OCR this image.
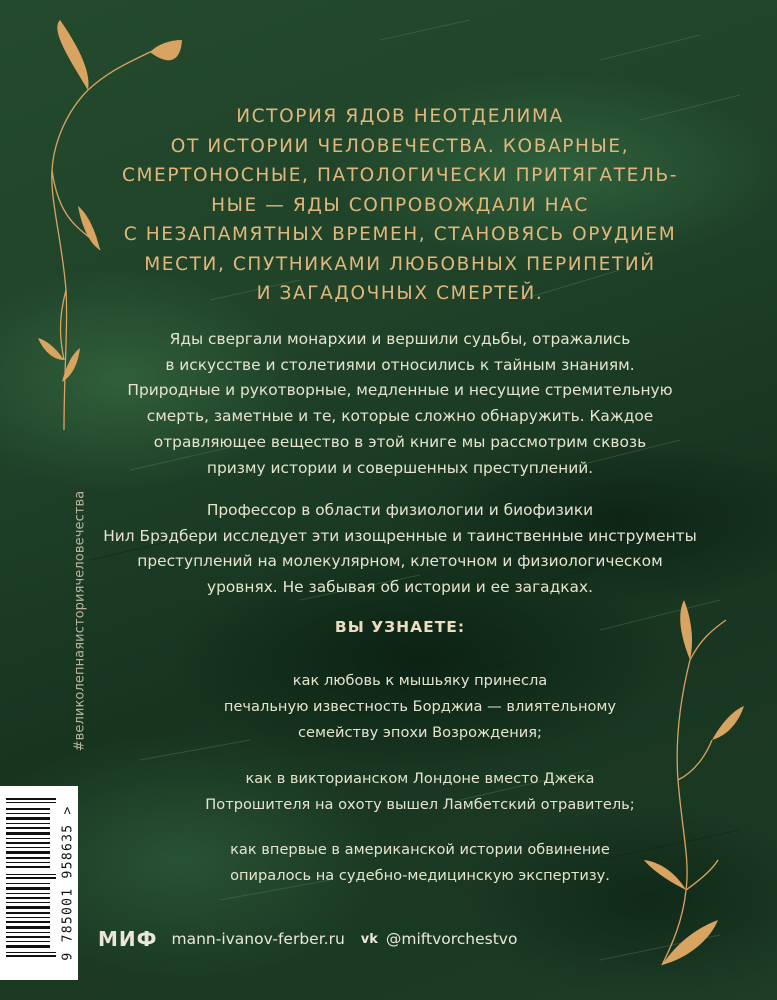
ИСТОРИЯ ЯДОВ НЕОТДЕЛИМА
ОТ ИСТОРИИ ЧЕЛОВЕЧЕСТВА. КОВАРНЫЕ,
СМЕРТОНОСНЫЕ, ПАТОЛОГИЧЕСКИ ПРИТЯГАТЕЛЬ-
НЫЕ — ЯДЫ СОПРОВОЖДАЛИ НАС
С НЕЗАПАМЯТНЫХ ВРЕМЕН, СТАНОВЯСЬ ОРУДИЕМ
МЕСТИ, СПУТНИКАМИ ЛЮБОВНЫХ ПЕРИПЕТИЙ
И ЗАГАДОЧНЫХ СМЕРТЕЙ.
Яды свергали монархии и вершили судьбы, отражались
в искусстве и столетиями относились к тайным знаниям.
Природные и рукотворные, медленные и несущие стремительную
смерть, заметные и те, которые сложно обнаружить. Каждое
отравляющее вещество в этой книге мы рассмотрим сквозь
призму истории и совершенных преступлений.
Профессор в области физиологии и биофизики
Нил Брэдбери исследует эти изощренные и таинственные инструменты
преступлений на молекулярном, клеточном и физиологическом
уровнях. Не забывая об истории и ее загадках.
ВЫ УЗНАЕТЕ:
как любовь к мышьяку принесла
печальную известность Борджиа — влиятельному
семейству эпохи Возрождения;
как в викторианском Лондоне вместо Джека
Потрошителя на охоту вышел Ламбетский отравитель;
как впервые в американской истории обвинение
опиралось на судебно-медицинскую экспертизу.
#великолепнаяисториячеловечества
9 785001 958635 > МИФ mann-ivanov-ferber.ru vk @miftvorchestvo
